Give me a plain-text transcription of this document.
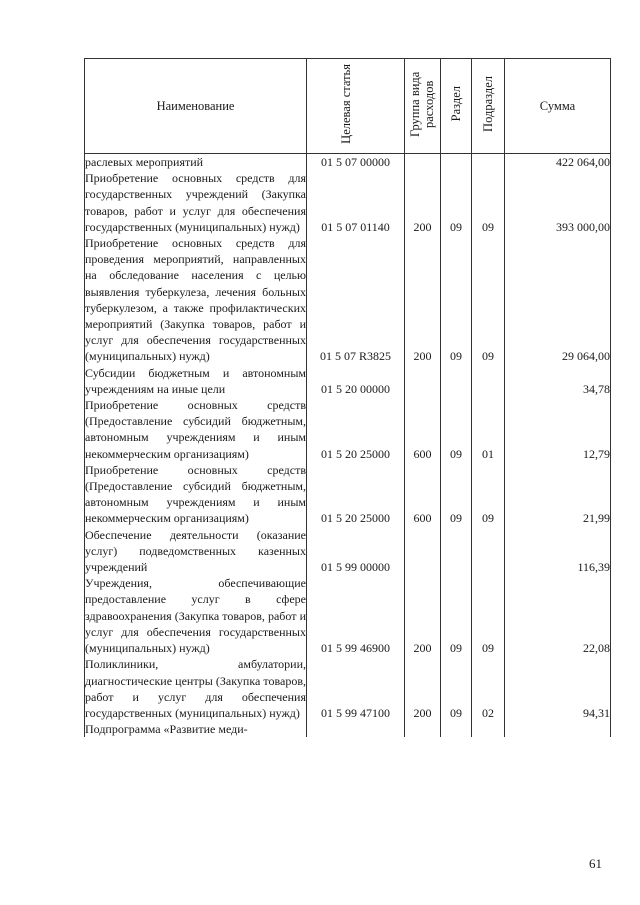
Наименование	Целевая статья	Группа вида расходов	Раздел	Подраздел	Сумма
раслевых мероприятий	01 5 07 00000				422 064,00
Приобретение основных средств для государственных учреждений (Закупка товаров, работ и услуг для обеспечения государственных (муниципальных) нужд)	01 5 07 01140	200	09	09	393 000,00
Приобретение основных средств для проведения мероприятий, направленных на обследование населения с целью выявления туберкулеза, лечения больных туберкулезом, а также профилактических мероприятий (Закупка товаров, работ и услуг для обеспечения государственных (муниципальных) нужд)	01 5 07 R3825	200	09	09	29 064,00
Субсидии бюджетным и автономным учреждениям на иные цели	01 5 20 00000				34,78
Приобретение основных средств (Предоставление субсидий бюджетным, автономным учреждениям и иным некоммерческим организациям)	01 5 20 25000	600	09	01	12,79
Приобретение основных средств (Предоставление субсидий бюджетным, автономным учреждениям и иным некоммерческим организациям)	01 5 20 25000	600	09	09	21,99
Обеспечение деятельности (оказание услуг) подведомственных казенных учреждений	01 5 99 00000				116,39
Учреждения, обеспечивающие предоставление услуг в сфере здравоохранения (Закупка товаров, работ и услуг для обеспечения государственных (муниципальных) нужд)	01 5 99 46900	200	09	09	22,08
Поликлиники, амбулатории, диагностические центры (Закупка товаров, работ и услуг для обеспечения государственных (муниципальных) нужд)	01 5 99 47100	200	09	02	94,31
Подпрограмма «Развитие меди-					
61
